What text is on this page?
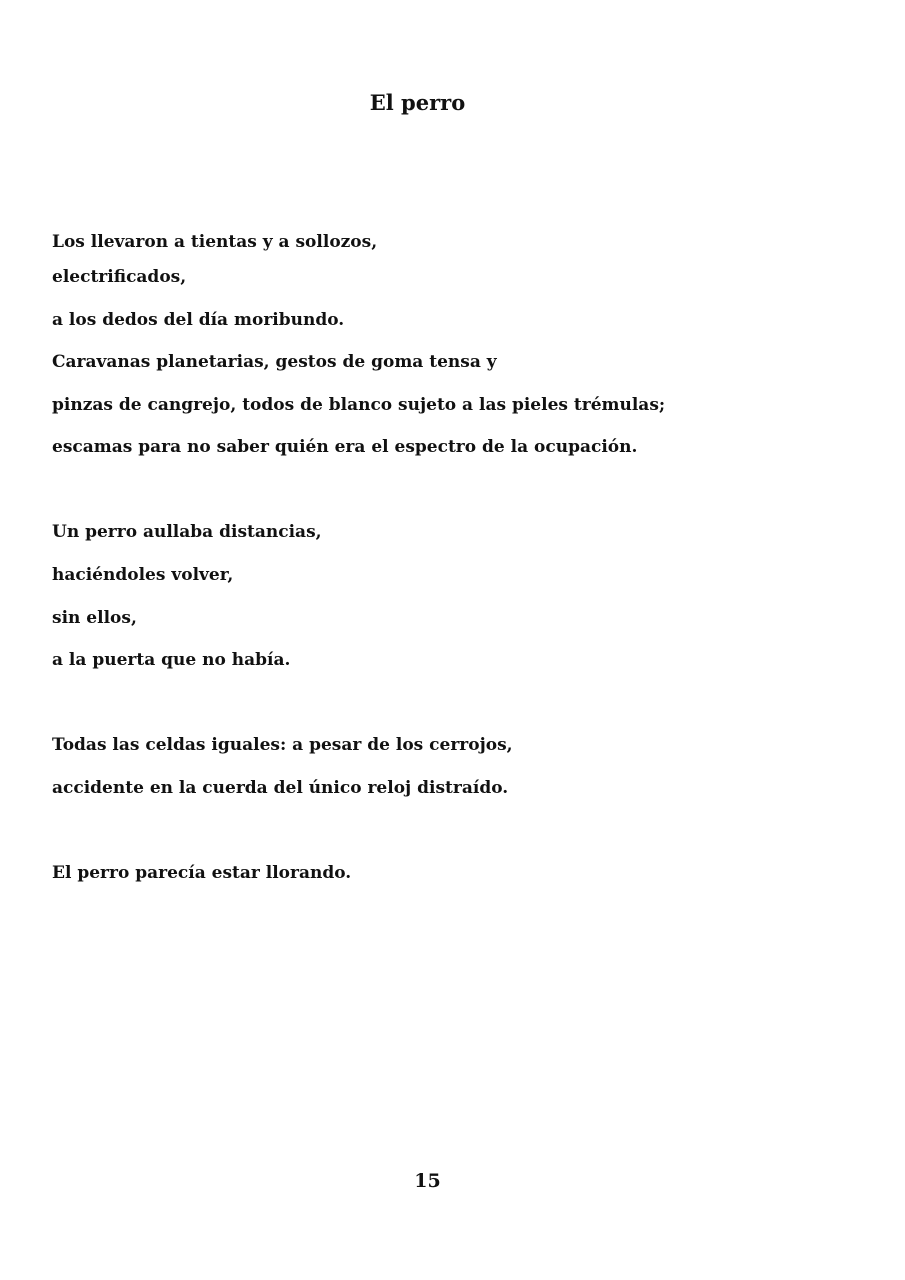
El perro
Los llevaron a tientas y a sollozos,
electrificados,
a los dedos del día moribundo.
Caravanas planetarias, gestos de goma tensa y
pinzas de cangrejo, todos de blanco sujeto a las pieles trémulas;
escamas para no saber quién era el espectro de la ocupación.
Un perro aullaba distancias,
haciéndoles volver,
sin ellos,
a la puerta que no había.
Todas las celdas iguales: a pesar de los cerrojos,
accidente en la cuerda del único reloj distraído.
El perro parecía estar llorando.
15
